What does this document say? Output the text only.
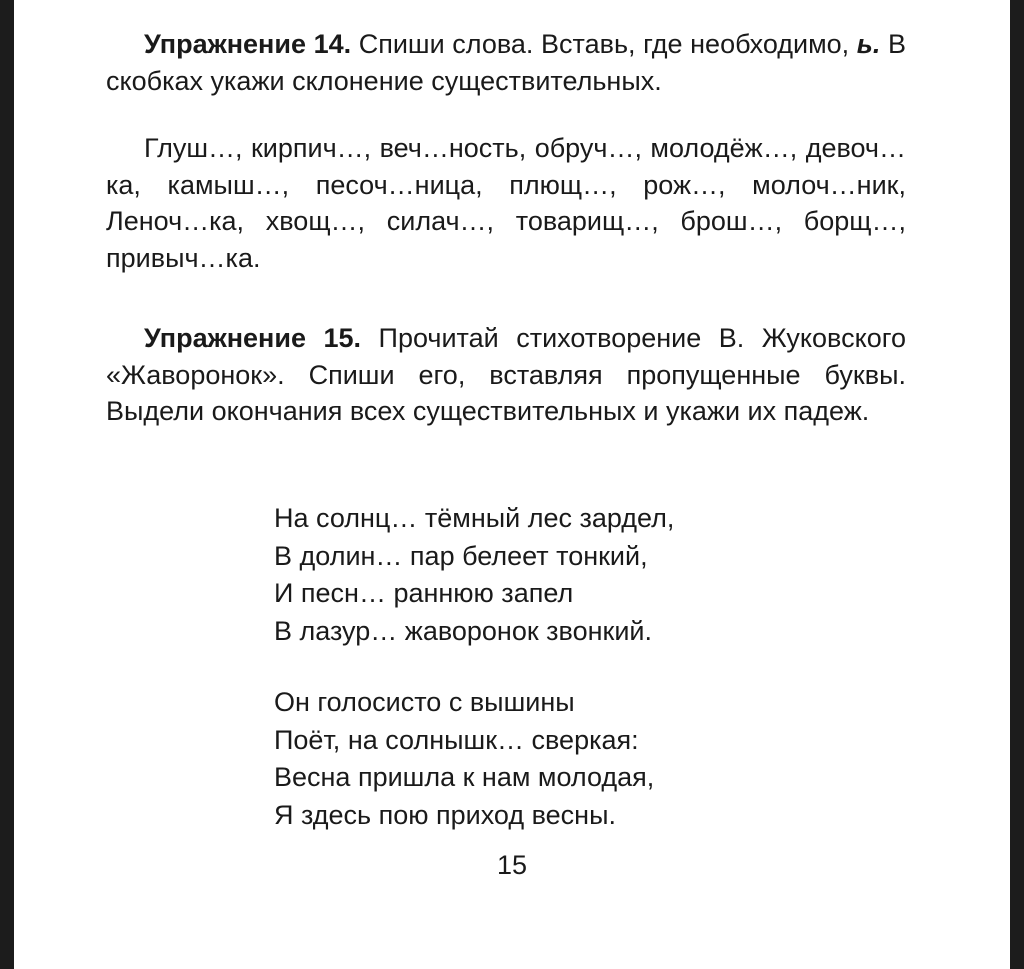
Упражнение 14. Спиши слова. Вставь, где необходимо, ь. В скобках укажи склонение существительных.
Глуш…, кирпич…, веч…ность, обруч…, молодёж…, девоч…ка, камыш…, песоч…ница, плющ…, рож…, молоч…ник, Леноч…ка, хвощ…, силач…, товарищ…, брош…, борщ…, привыч…ка.
Упражнение 15. Прочитай стихотворение В. Жуковского «Жаворонок». Спиши его, вставляя пропущенные буквы. Выдели окончания всех существительных и укажи их падеж.
На солнц… тёмный лес зардел,
В долин… пар белеет тонкий,
И песн… раннюю запел
В лазур… жаворонок звонкий.
Он голосисто с вышины
Поёт, на солнышк… сверкая:
Весна пришла к нам молодая,
Я здесь пою приход весны.
15
